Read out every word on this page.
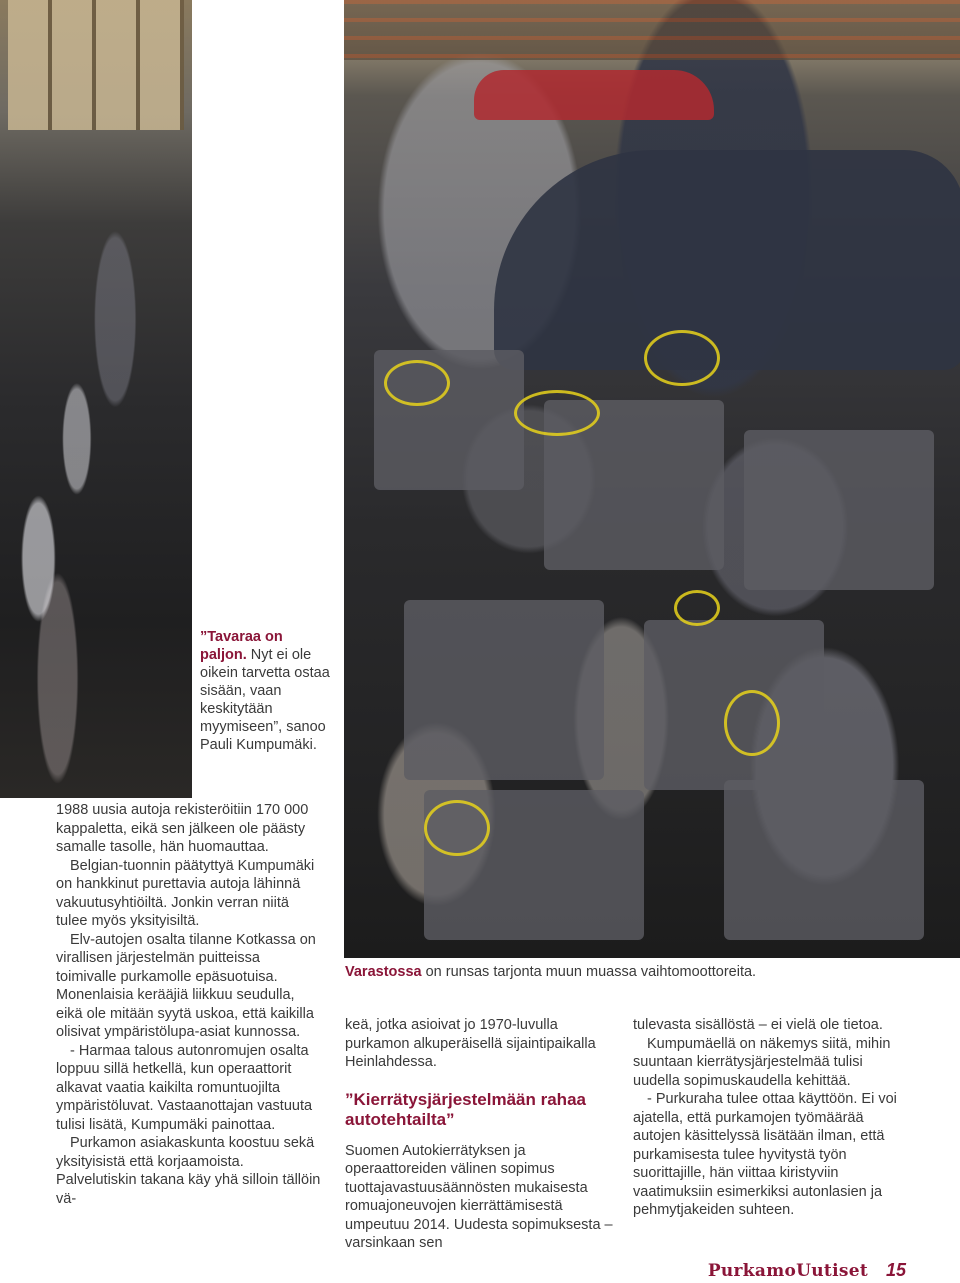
”Tavaraa on paljon. Nyt ei ole oikein tarvetta ostaa sisään, vaan keskitytään myymiseen”, sanoo Pauli Kumpumäki.

1988 uusia autoja rekisteröitiin 170 000 kappaletta, eikä sen jälkeen ole päästy samalle tasolle, hän huomauttaa.

Belgian-tuonnin päätyttyä Kumpumäki on hankkinut purettavia autoja lähinnä vakuutusyhtiöiltä. Jonkin verran niitä tulee myös yksityisiltä.

Elv-autojen osalta tilanne Kotkassa on virallisen järjestelmän puitteissa toimivalle purkamolle epäsuotuisa. Monenlaisia kerääjiä liikkuu seudulla, eikä ole mitään syytä uskoa, että kaikilla olisivat ympäristölupa-asiat kunnossa.

- Harmaa talous autonromujen osalta loppuu sillä hetkellä, kun operaattorit alkavat vaatia kaikilta romuntuojilta ympäristöluvat. Vastaanottajan vastuuta tulisi lisätä, Kumpumäki painottaa.

Purkamon asiakaskunta koostuu sekä yksityisistä että korjaamoista. Palvelutiskin takana käy yhä silloin tällöin vä-

Varastossa on runsas tarjonta muun muassa vaihtomoottoreita.

keä, jotka asioivat jo 1970-luvulla purkamon alkuperäisellä sijaintipaikalla Heinlahdessa.

”Kierrätysjärjestelmään rahaa autotehtailta”

Suomen Autokierrätyksen ja operaattoreiden välinen sopimus tuottajavastuusäännösten mukaisesta romuajoneuvojen kierrättämisestä umpeutuu 2014. Uudesta sopimuksesta – varsinkaan sen

tulevasta sisällöstä – ei vielä ole tietoa.

Kumpumäellä on näkemys siitä, mihin suuntaan kierrätysjärjestelmää tulisi uudella sopimuskaudella kehittää.

- Purkuraha tulee ottaa käyttöön. Ei voi ajatella, että purkamojen työmäärää autojen käsittelyssä lisätään ilman, että purkamisesta tulee hyvitystä työn suorittajille, hän viittaa kiristyviin vaatimuksiin esimerkiksi autonlasien ja pehmytjakeiden suhteen.

PurkamoUutiset 15
